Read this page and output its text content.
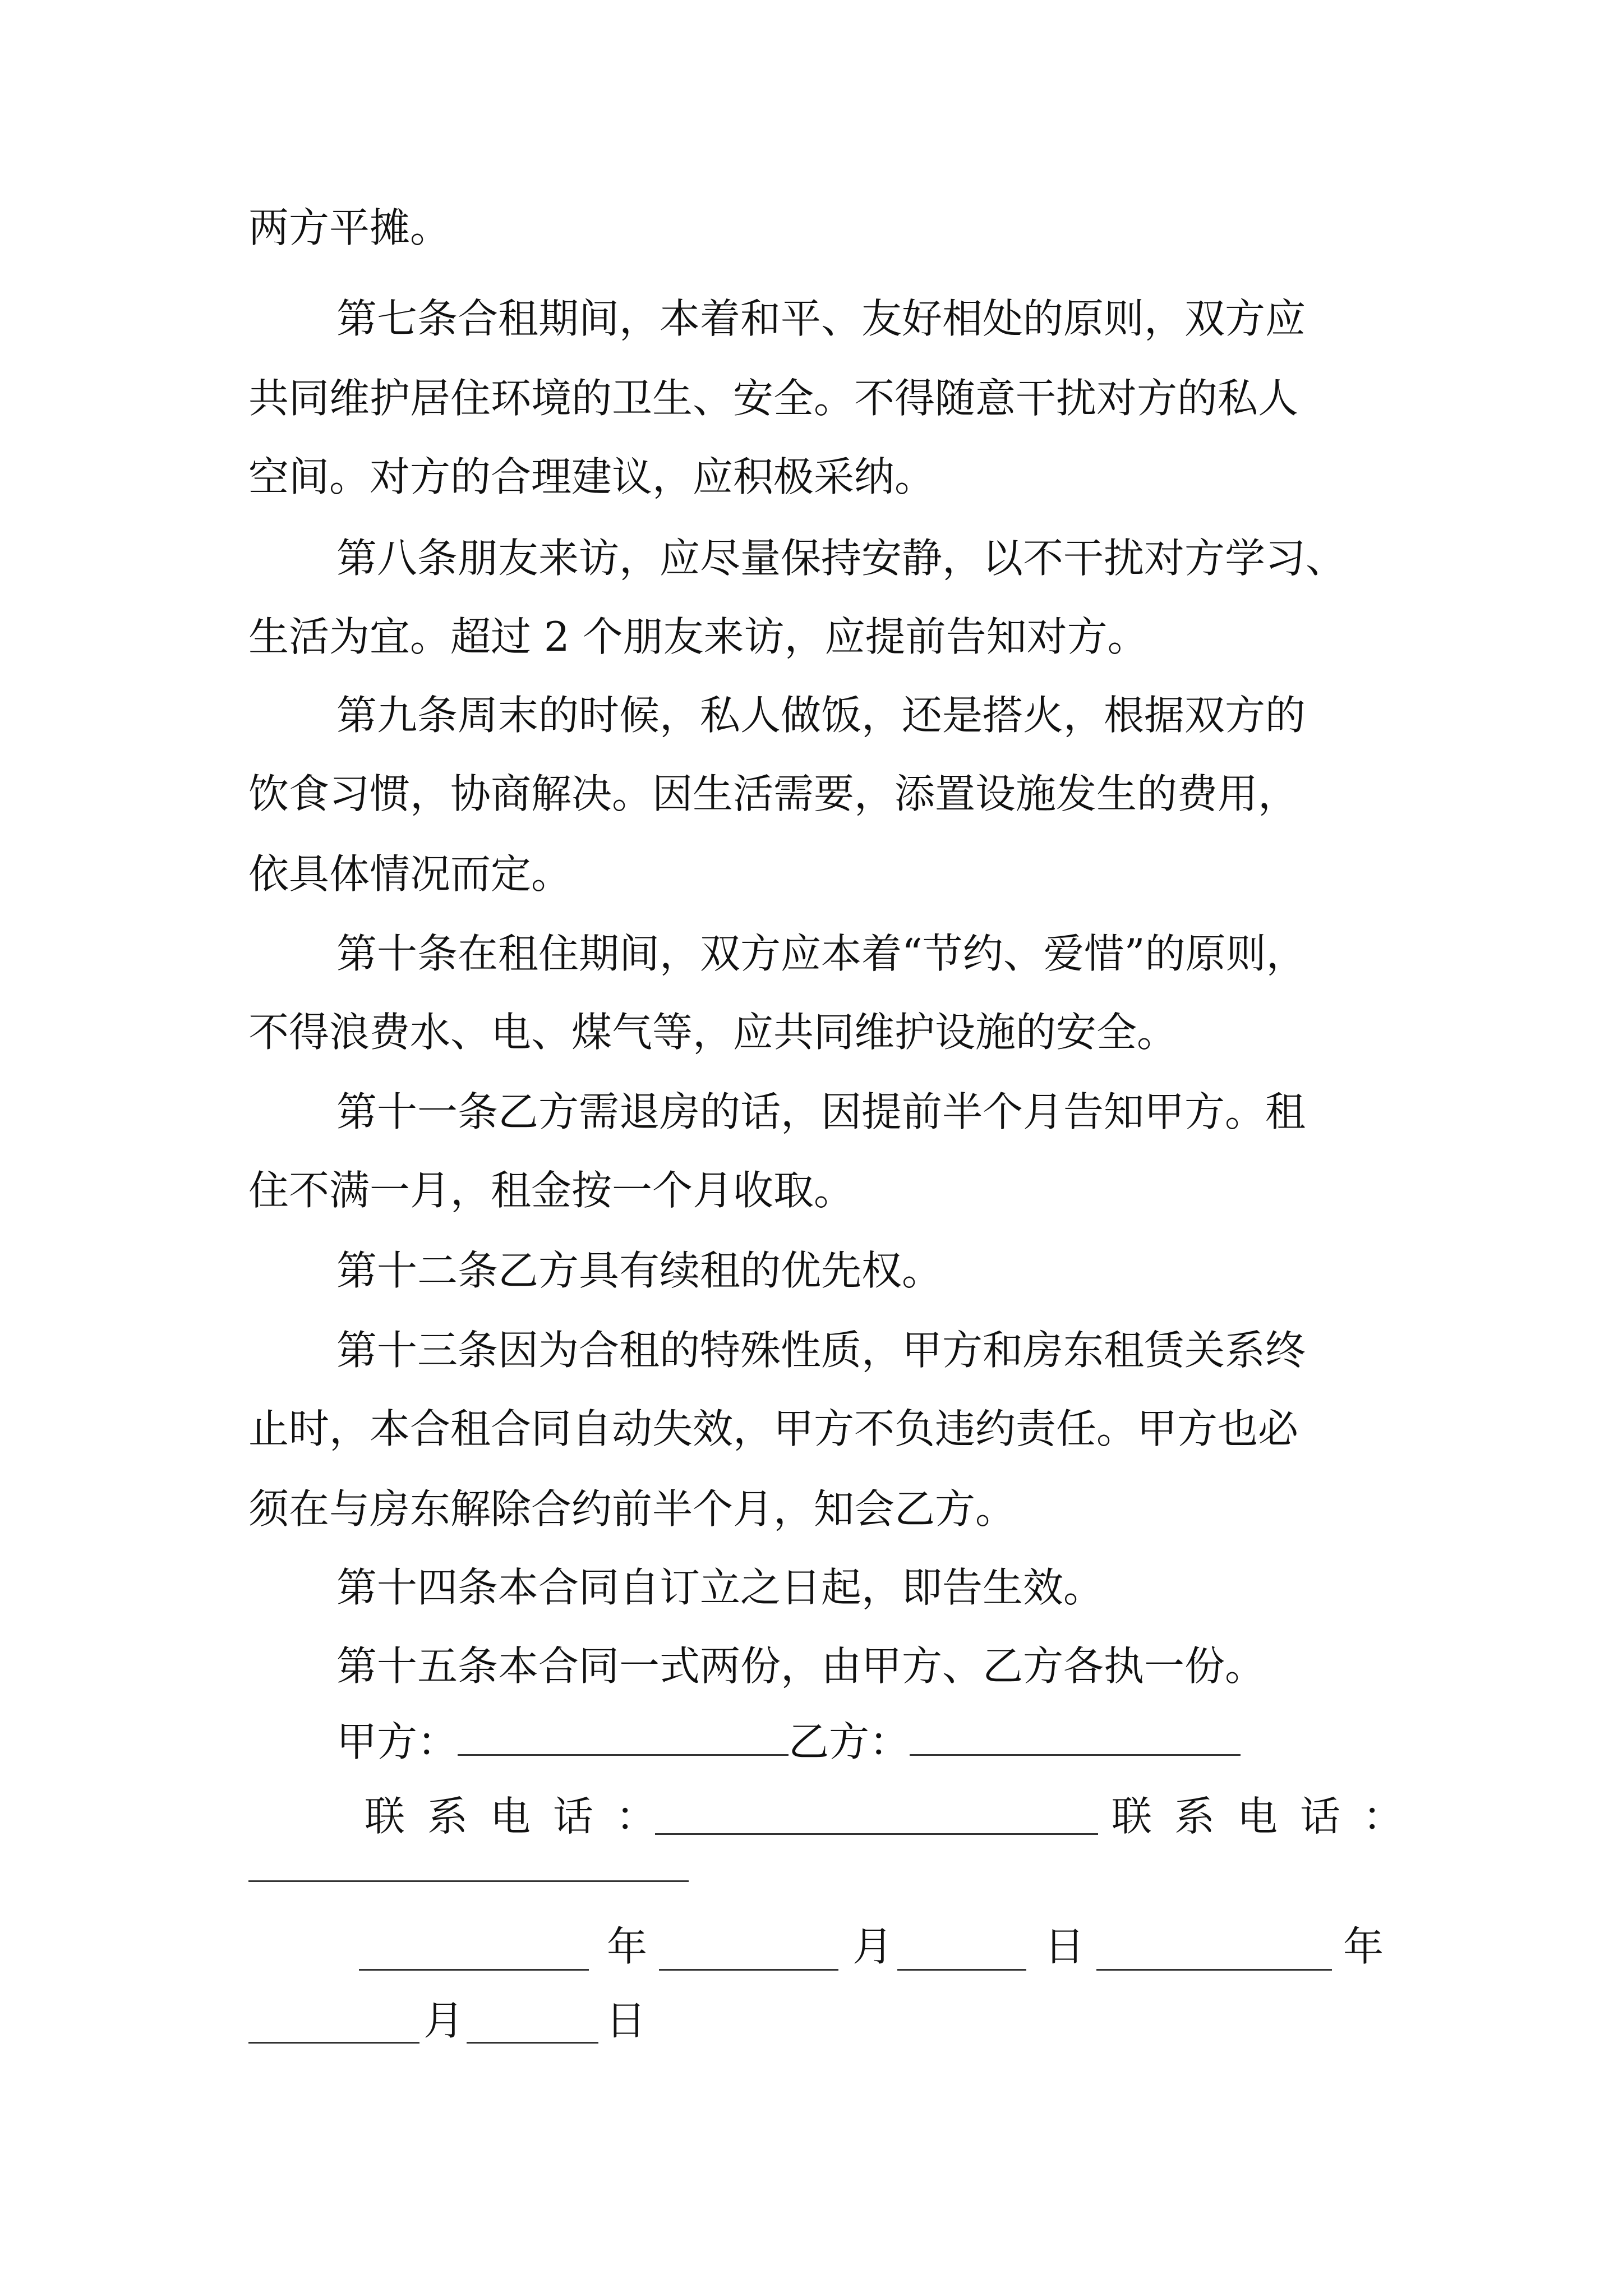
两方平摊。
第七条合租期间，本着和平、友好相处的原则，双方应
共同维护居住环境的卫生、安全。不得随意干扰对方的私人
空间。对方的合理建议，应积极采纳。
第八条朋友来访，应尽量保持安静，以不干扰对方学习、
生活为宜。超过 2 个朋友来访，应提前告知对方。
第九条周末的时候，私人做饭，还是搭火，根据双方的
饮食习惯，协商解决。因生活需要，添置设施发生的费用，
依具体情况而定。
第十条在租住期间，双方应本着“节约、爱惜”的原则，
不得浪费水、电、煤气等，应共同维护设施的安全。
第十一条乙方需退房的话，因提前半个月告知甲方。租
住不满一月，租金按一个月收取。
第十二条乙方具有续租的优先权。
第十三条因为合租的特殊性质，甲方和房东租赁关系终
止时，本合租合同自动失效，甲方不负违约责任。甲方也必
须在与房东解除合约前半个月，知会乙方。
第十四条本合同自订立之日起，即告生效。
第十五条本合同一式两份，由甲方、乙方各执一份。
甲方：	乙方：
联系电话：	联系电话：
年	月	日	年
月	日
